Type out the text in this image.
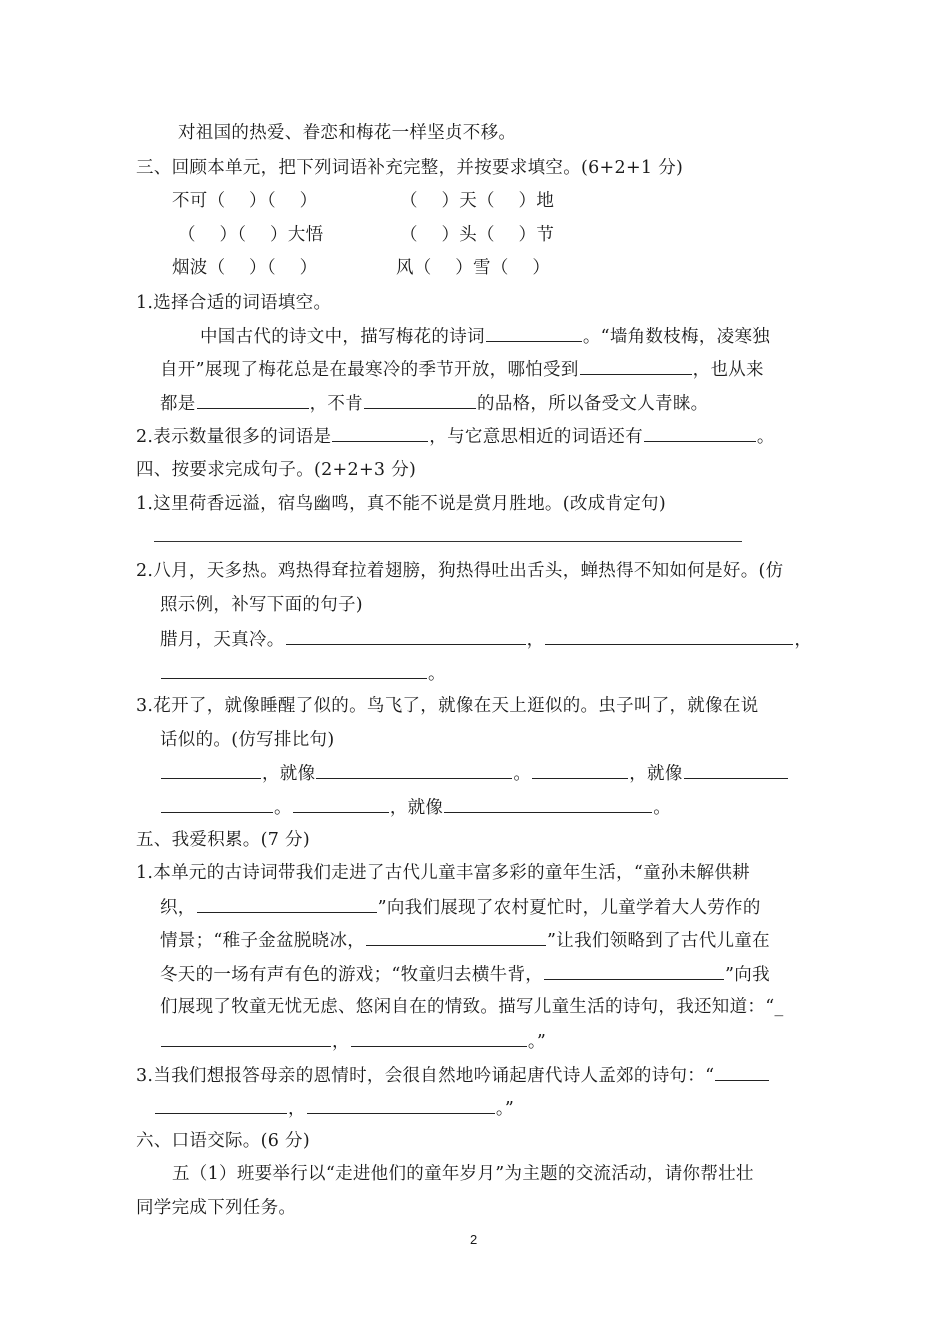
对祖国的热爱、眷恋和梅花一样坚贞不移。
三、回顾本单元，把下列词语补充完整，并按要求填空。(6+2+1 分)
不可（　 ）（　 ）	（　 ）天（　 ）地
（　 ）（　 ）大悟	（　 ）头（　 ）节
烟波（　 ）（　 ）	风（　 ）雪（　 ）
1.选择合适的词语填空。
中国古代的诗文中，描写梅花的诗词	。“墙角数枝梅，凌寒独
自开”展现了梅花总是在最寒冷的季节开放，哪怕受到	，也从来
都是	，不肯	的品格，所以备受文人青睐。
2.表示数量很多的词语是	，与它意思相近的词语还有	。
四、按要求完成句子。(2+2+3 分)
1.这里荷香远溢，宿鸟幽鸣，真不能不说是赏月胜地。(改成肯定句)
2.八月，天多热。鸡热得耷拉着翅膀，狗热得吐出舌头，蝉热得不知如何是好。(仿
照示例，补写下面的句子)
腊月，天真冷。	，	，
。
3.花开了，就像睡醒了似的。鸟飞了，就像在天上逛似的。虫子叫了，就像在说
话似的。(仿写排比句)
，就像	。	，就像
。	，就像	。
五、我爱积累。(7 分)
1.本单元的古诗词带我们走进了古代儿童丰富多彩的童年生活，“童孙未解供耕
织，	”向我们展现了农村夏忙时，儿童学着大人劳作的
情景；“稚子金盆脱晓冰，	”让我们领略到了古代儿童在
冬天的一场有声有色的游戏；“牧童归去横牛背，	”向我
们展现了牧童无忧无虑、悠闲自在的情致。描写儿童生活的诗句，我还知道：“_
，	。”
3.当我们想报答母亲的恩情时，会很自然地吟诵起唐代诗人孟郊的诗句：“
，	。”
六、口语交际。(6 分)
五（1）班要举行以“走进他们的童年岁月”为主题的交流活动，请你帮壮壮
同学完成下列任务。
2
